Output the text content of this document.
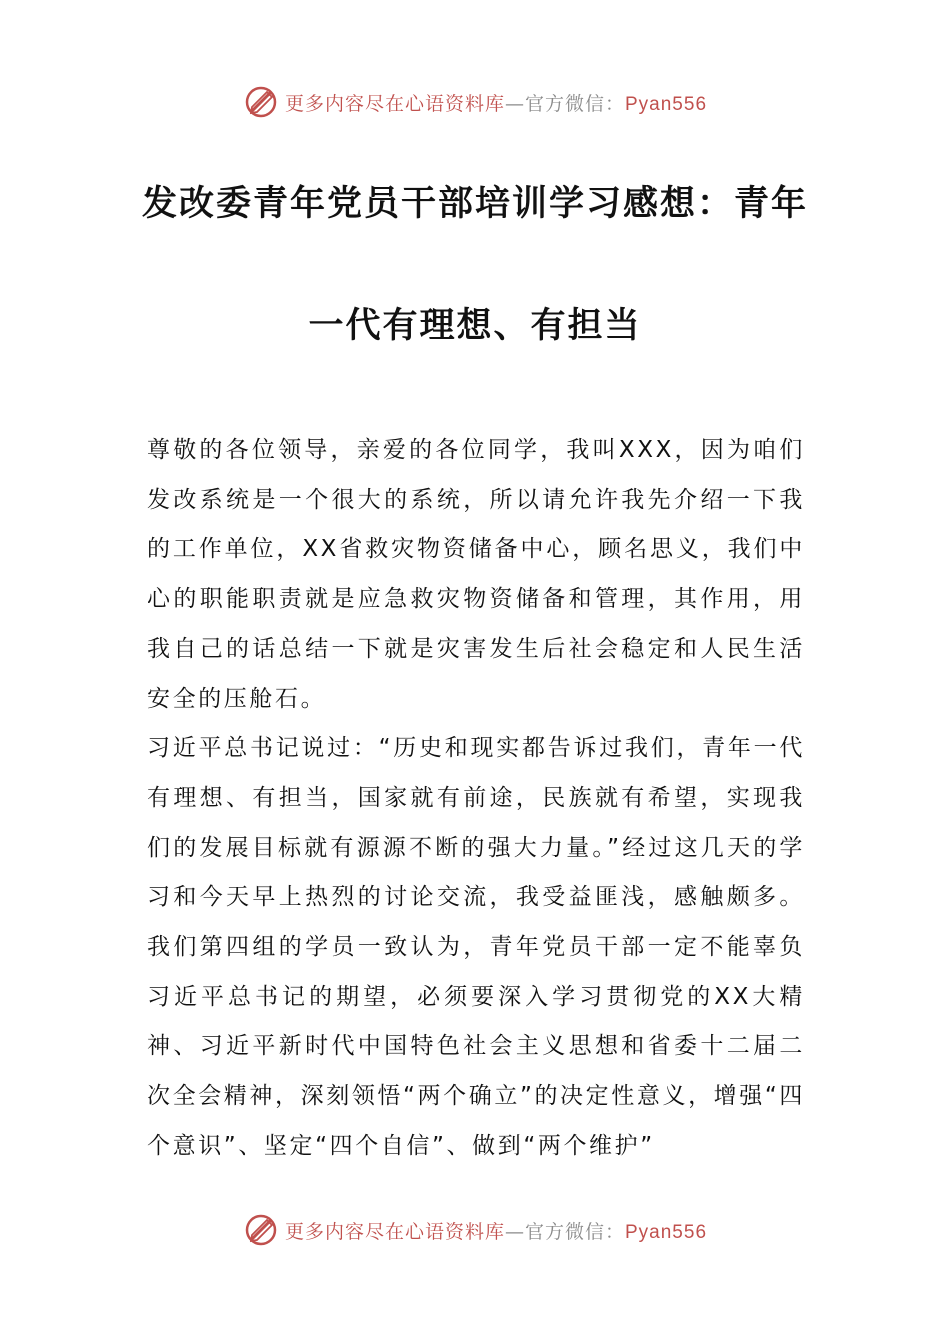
更多内容尽在心语资料库—官方微信：Pyan556
发改委青年党员干部培训学习感想：青年
一代有理想、有担当

尊敬的各位领导，亲爱的各位同学，我叫XXX，因为咱们发改系统是一个很大的系统，所以请允许我先介绍一下我的工作单位，XX省救灾物资储备中心，顾名思义，我们中心的职能职责就是应急救灾物资储备和管理，其作用，用我自己的话总结一下就是灾害发生后社会稳定和人民生活安全的压舱石。

习近平总书记说过：“历史和现实都告诉过我们，青年一代有理想、有担当，国家就有前途，民族就有希望，实现我们的发展目标就有源源不断的强大力量。”经过这几天的学习和今天早上热烈的讨论交流，我受益匪浅，感触颇多。我们第四组的学员一致认为，青年党员干部一定不能辜负习近平总书记的期望，必须要深入学习贯彻党的XX大精神、习近平新时代中国特色社会主义思想和省委十二届二次全会精神，深刻领悟“两个确立”的决定性意义，增强“四个意识”、坚定“四个自信”、做到“两个维护”

更多内容尽在心语资料库—官方微信：Pyan556
